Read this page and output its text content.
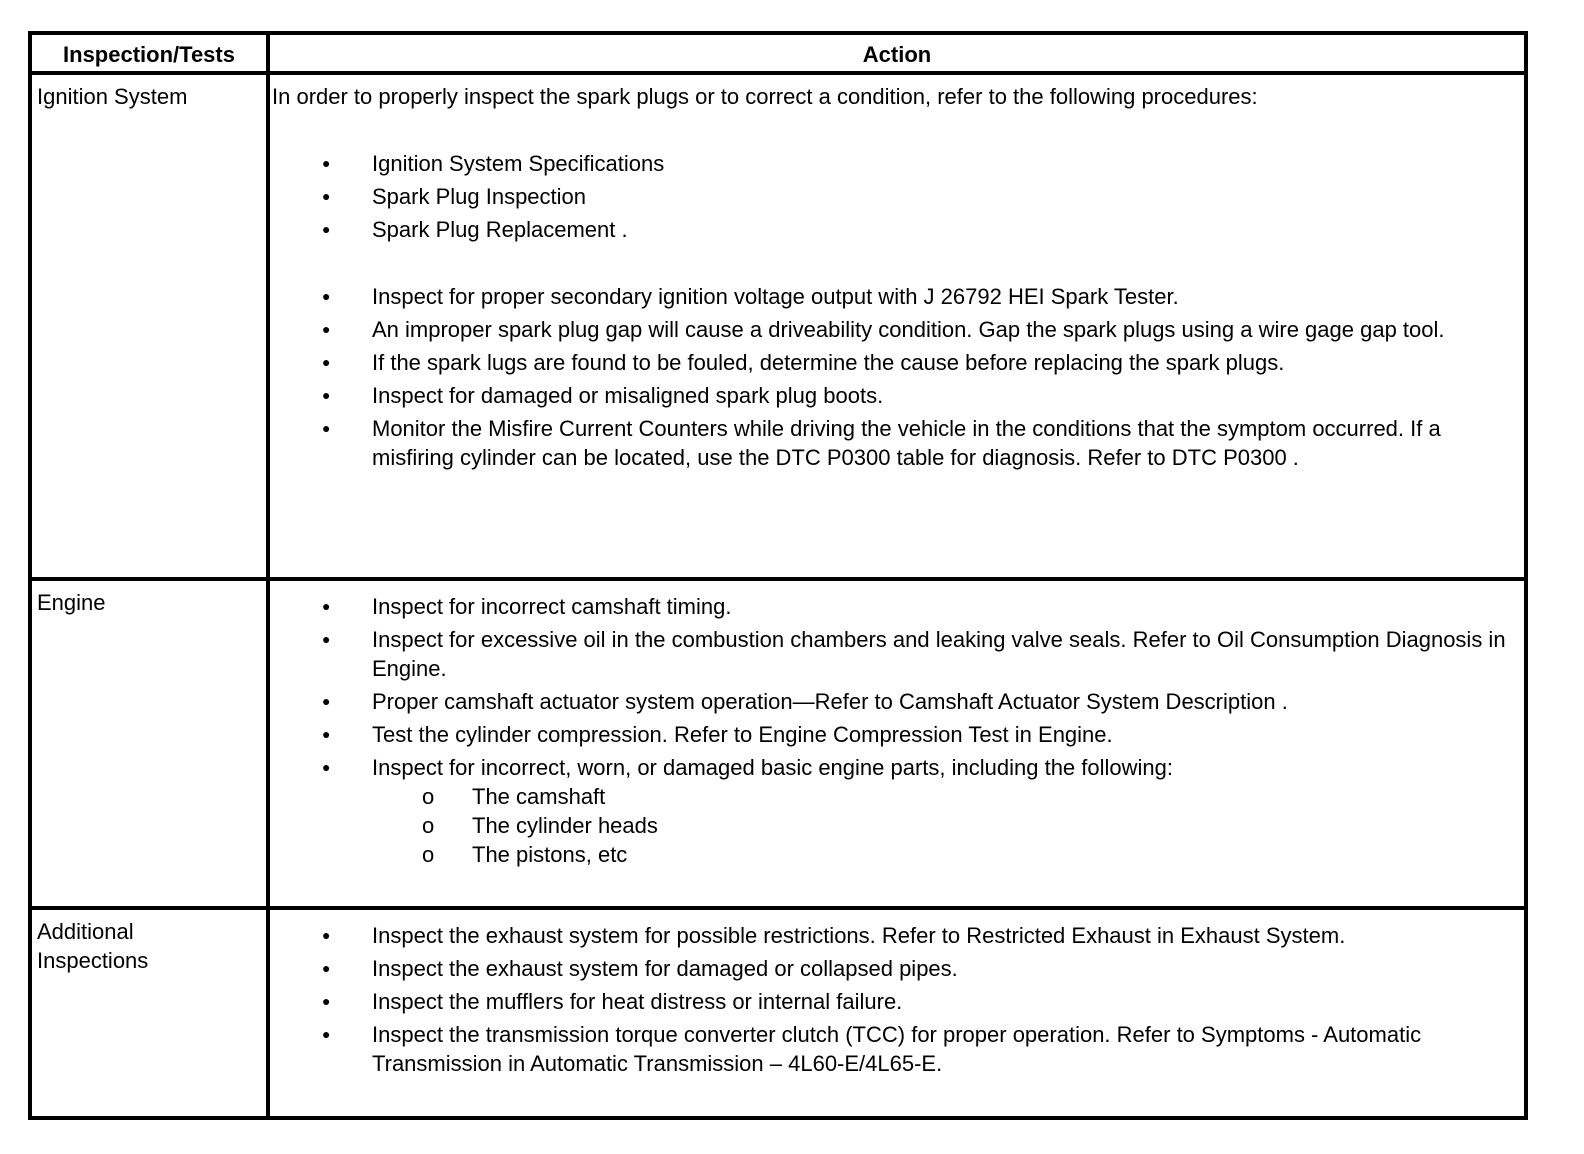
Inspection/Tests	Action
Ignition System	In order to properly inspect the spark plugs or to correct a condition, refer to the following procedures:

● Ignition System Specifications
● Spark Plug Inspection
● Spark Plug Replacement .
● Inspect for proper secondary ignition voltage output with J 26792 HEI Spark Tester.
● An improper spark plug gap will cause a driveability condition. Gap the spark plugs using a wire gage gap tool.
● If the spark lugs are found to be fouled, determine the cause before replacing the spark plugs.
● Inspect for damaged or misaligned spark plug boots.
● Monitor the Misfire Current Counters while driving the vehicle in the conditions that the symptom occurred. If a misfiring cylinder can be located, use the DTC P0300 table for diagnosis. Refer to DTC P0300 .
Engine
●	Inspect for incorrect camshaft timing.
● Inspect for excessive oil in the combustion chambers and leaking valve seals. Refer to Oil Consumption Diagnosis in Engine.
● Proper camshaft actuator system operation—Refer to Camshaft Actuator System Description .
● Test the cylinder compression. Refer to Engine Compression Test in Engine.
● Inspect for incorrect, worn, or damaged basic engine parts, including the following:
o The camshaft
o The cylinder heads
o The pistons, etc
Additional Inspections
● Inspect the exhaust system for possible restrictions. Refer to Restricted Exhaust in Exhaust System.
● Inspect the exhaust system for damaged or collapsed pipes.
● Inspect the mufflers for heat distress or internal failure.
● Inspect the transmission torque converter clutch (TCC) for proper operation. Refer to Symptoms - Automatic Transmission in Automatic Transmission – 4L60-E/4L65-E.
